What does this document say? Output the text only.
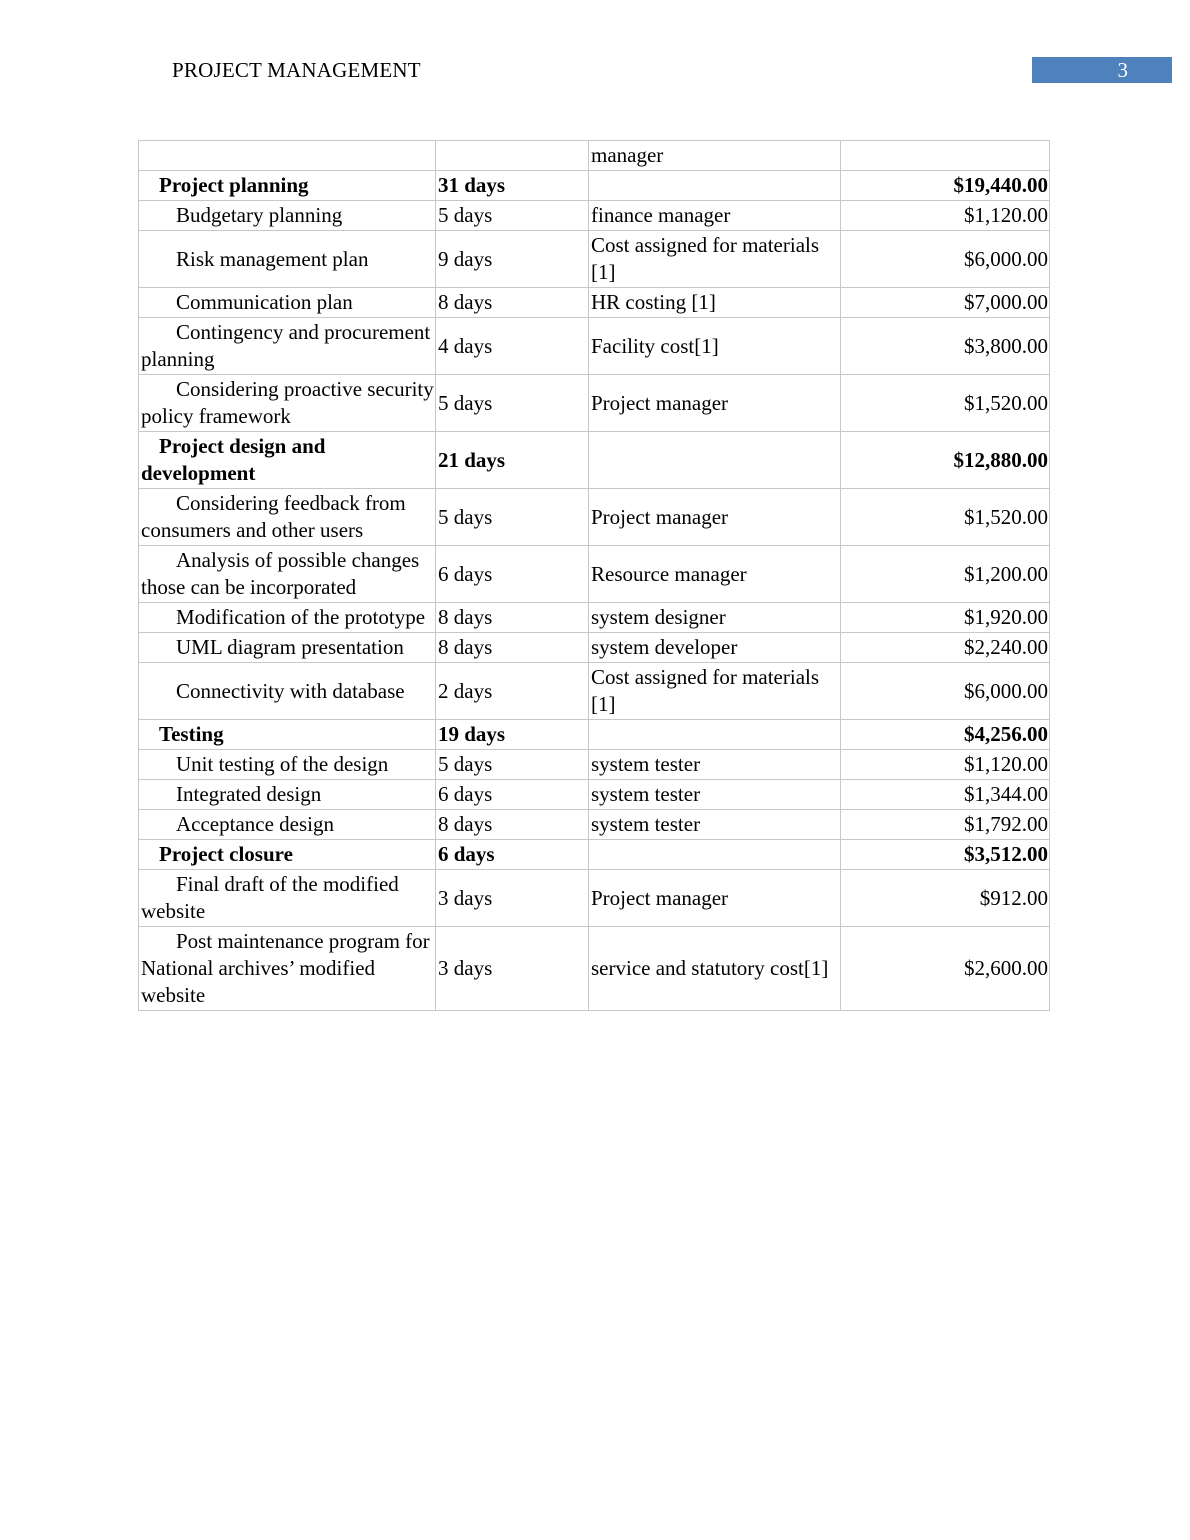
PROJECT MANAGEMENT	3
		manager	
Project planning	31 days		$19,440.00
Budgetary planning	5 days	finance manager	$1,120.00
Risk management plan	9 days	Cost assigned for materials [1]	$6,000.00
Communication plan	8 days	HR costing [1]	$7,000.00
Contingency and procurement planning	4 days	Facility cost[1]	$3,800.00
Considering proactive security policy framework	5 days	Project manager	$1,520.00
Project design and development	21 days		$12,880.00
Considering feedback from consumers and other users	5 days	Project manager	$1,520.00
Analysis of possible changes those can be incorporated	6 days	Resource manager	$1,200.00
Modification of the prototype	8 days	system designer	$1,920.00
UML diagram presentation	8 days	system developer	$2,240.00
Connectivity with database	2 days	Cost assigned for materials [1]	$6,000.00
Testing	19 days		$4,256.00
Unit testing of the design	5 days	system tester	$1,120.00
Integrated design	6 days	system tester	$1,344.00
Acceptance design	8 days	system tester	$1,792.00
Project closure	6 days		$3,512.00
Final draft of the modified website	3 days	Project manager	$912.00
Post maintenance program for National archives’ modified website	3 days	service and statutory cost[1]	$2,600.00
